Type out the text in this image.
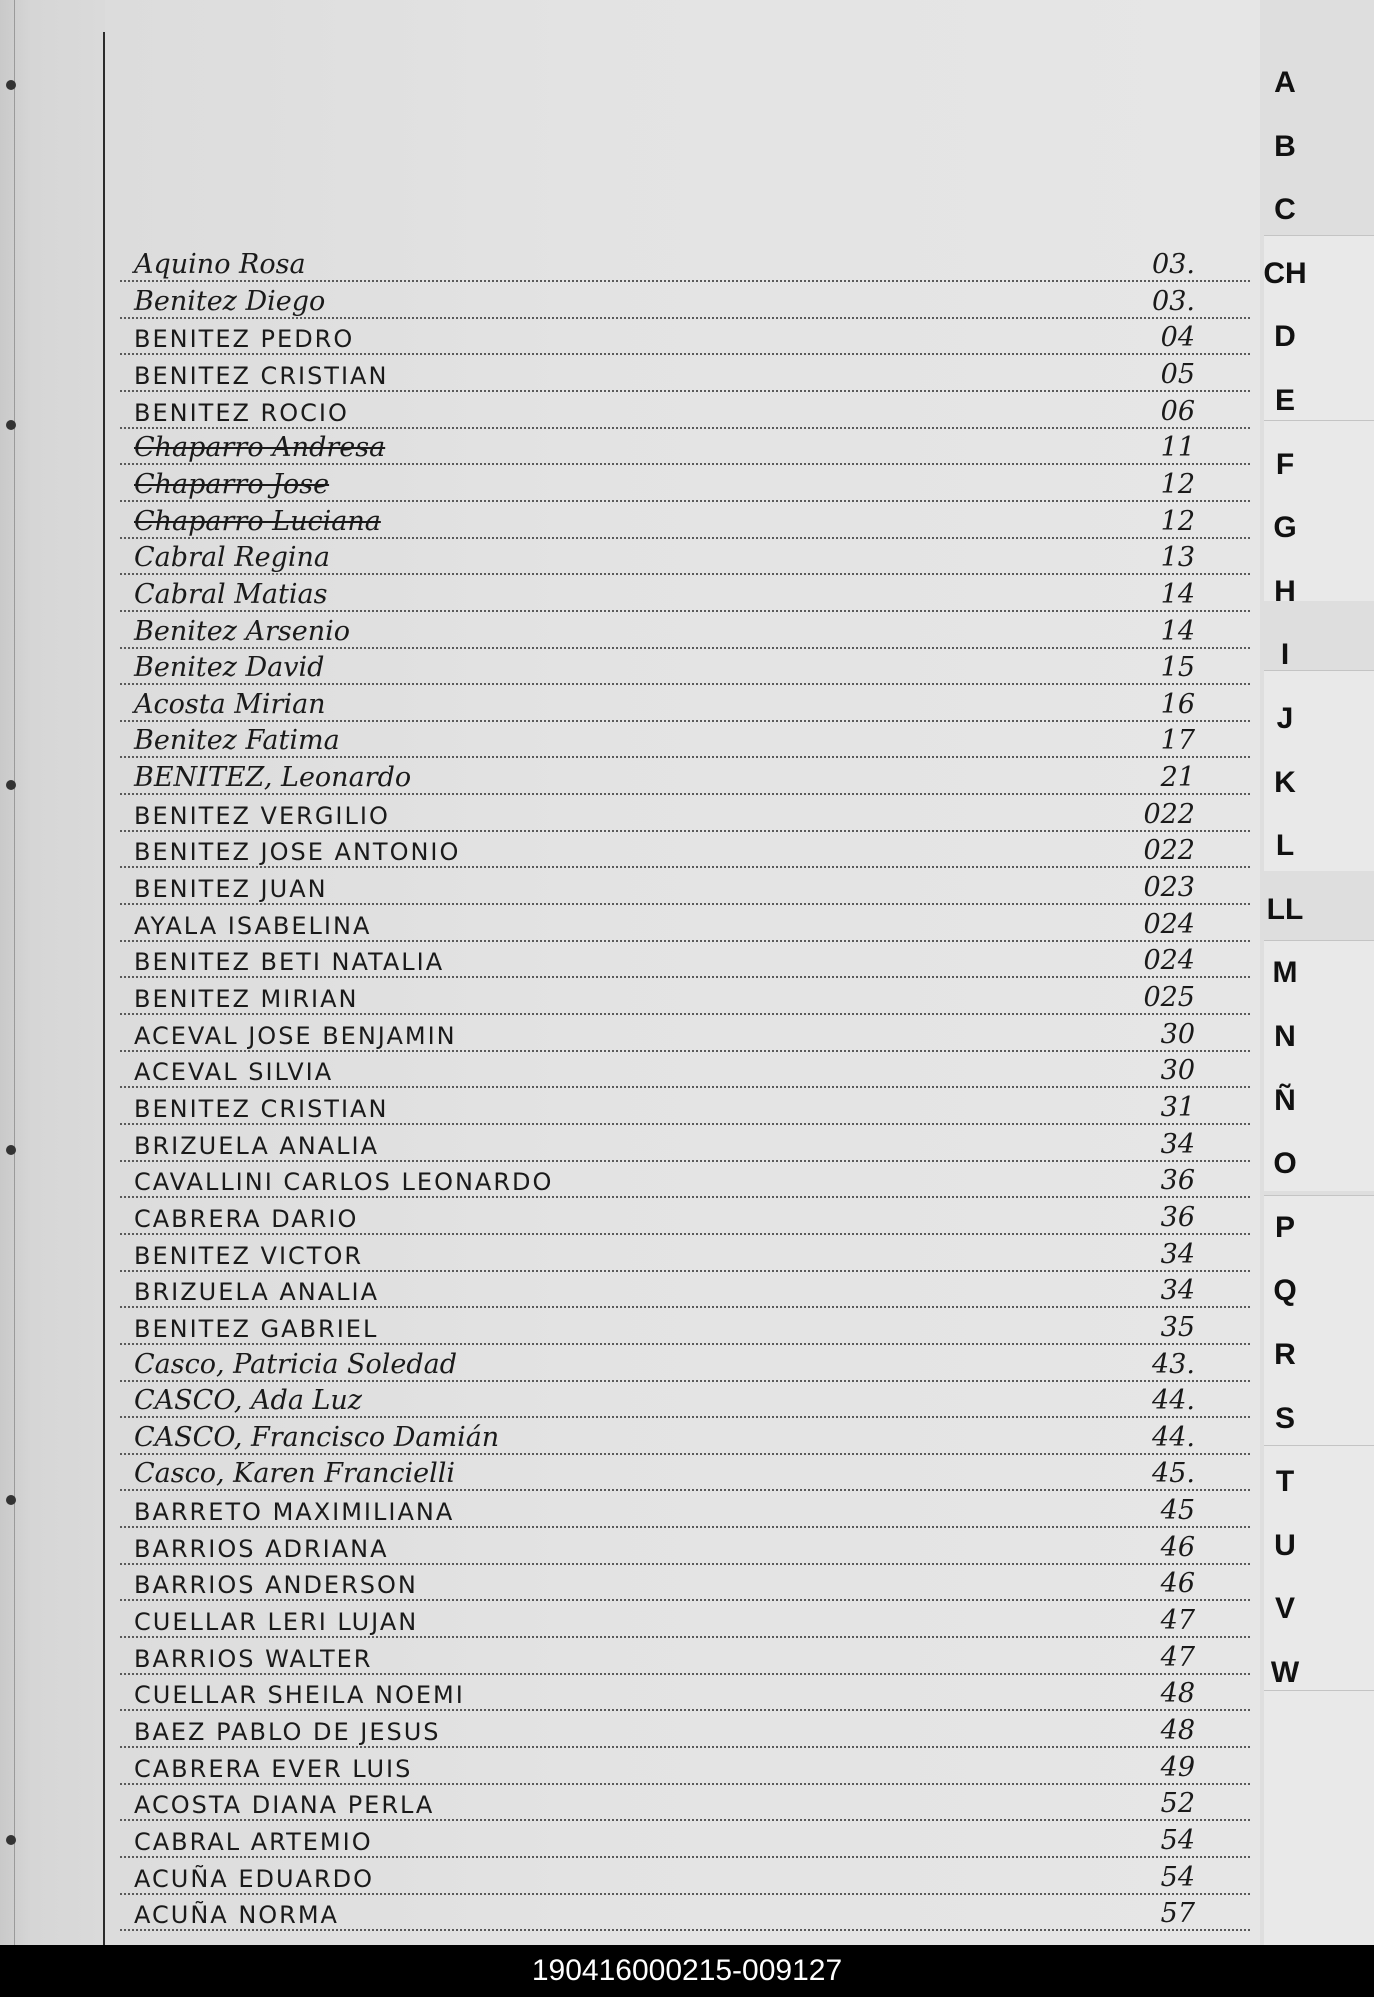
A
B
C
CH
D
E
F
G
H
I
J
K
L
LL
M
N
Ñ
O
P
Q
R
S
T
U
V
W
Aquino Rosa	03.
Benitez Diego	03.
BENITEZ PEDRO	04
BENITEZ CRISTIAN	05
BENITEZ ROCIO	06
Chaparro Andresa	11
Chaparro Jose	12
Chaparro Luciana	12
Cabral Regina	13
Cabral Matias	14
Benitez Arsenio	14
Benitez David	15
Acosta Mirian	16
Benitez Fatima	17
BENITEZ, Leonardo	21
BENITEZ VERGILIO	022
BENITEZ JOSE ANTONIO	022
BENITEZ JUAN	023
AYALA ISABELINA	024
BENITEZ BETI NATALIA	024
BENITEZ MIRIAN	025
ACEVAL JOSE BENJAMIN	30
ACEVAL SILVIA	30
BENITEZ CRISTIAN	31
BRIZUELA ANALIA	34
CAVALLINI CARLOS LEONARDO	36
CABRERA DARIO	36
BENITEZ VICTOR	34
BRIZUELA ANALIA	34
BENITEZ GABRIEL	35
Casco, Patricia Soledad	43.
CASCO, Ada Luz	44.
CASCO, Francisco Damián	44.
Casco, Karen Francielli	45.
BARRETO MAXIMILIANA	45
BARRIOS ADRIANA	46
BARRIOS ANDERSON	46
CUELLAR LERI LUJAN	47
BARRIOS WALTER	47
CUELLAR SHEILA NOEMI	48
BAEZ PABLO DE JESUS	48
CABRERA EVER LUIS	49
ACOSTA DIANA PERLA	52
CABRAL ARTEMIO	54
ACUÑA EDUARDO	54
ACUÑA NORMA	57
190416000215-009127
